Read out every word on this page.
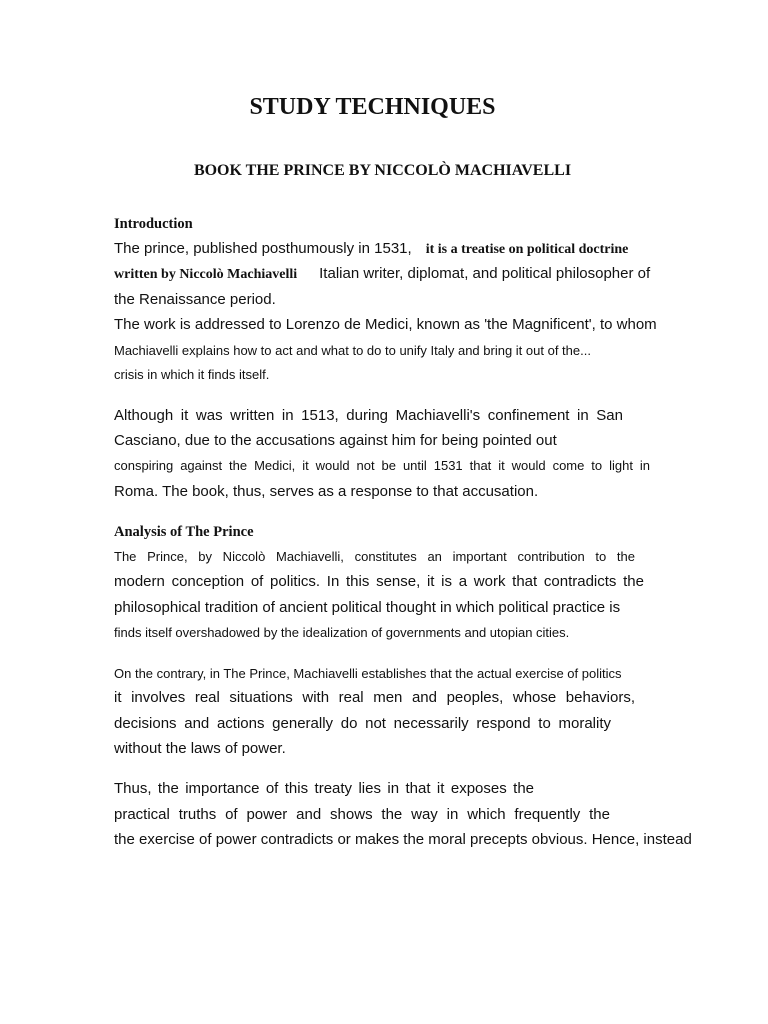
STUDY TECHNIQUES
BOOK THE PRINCE BY NICCOLÒ MACHIAVELLI
Introduction
The prince, published posthumously in 1531, it is a treatise on political doctrine
written by Niccolò Machiavelli Italian writer, diplomat, and political philosopher of
the Renaissance period.
The work is addressed to Lorenzo de Medici, known as 'the Magnificent', to whom
Machiavelli explains how to act and what to do to unify Italy and bring it out of the...
crisis in which it finds itself.
Although it was written in 1513, during Machiavelli's confinement in San
Casciano, due to the accusations against him for being pointed out
conspiring against the Medici, it would not be until 1531 that it would come to light in
Roma. The book, thus, serves as a response to that accusation.
Analysis of The Prince
The Prince, by Niccolò Machiavelli, constitutes an important contribution to the
modern conception of politics. In this sense, it is a work that contradicts the
philosophical tradition of ancient political thought in which political practice is
finds itself overshadowed by the idealization of governments and utopian cities.
On the contrary, in The Prince, Machiavelli establishes that the actual exercise of politics
it involves real situations with real men and peoples, whose behaviors,
decisions and actions generally do not necessarily respond to morality
without the laws of power.
Thus, the importance of this treaty lies in that it exposes the
practical truths of power and shows the way in which frequently the
the exercise of power contradicts or makes the moral precepts obvious. Hence, instead
